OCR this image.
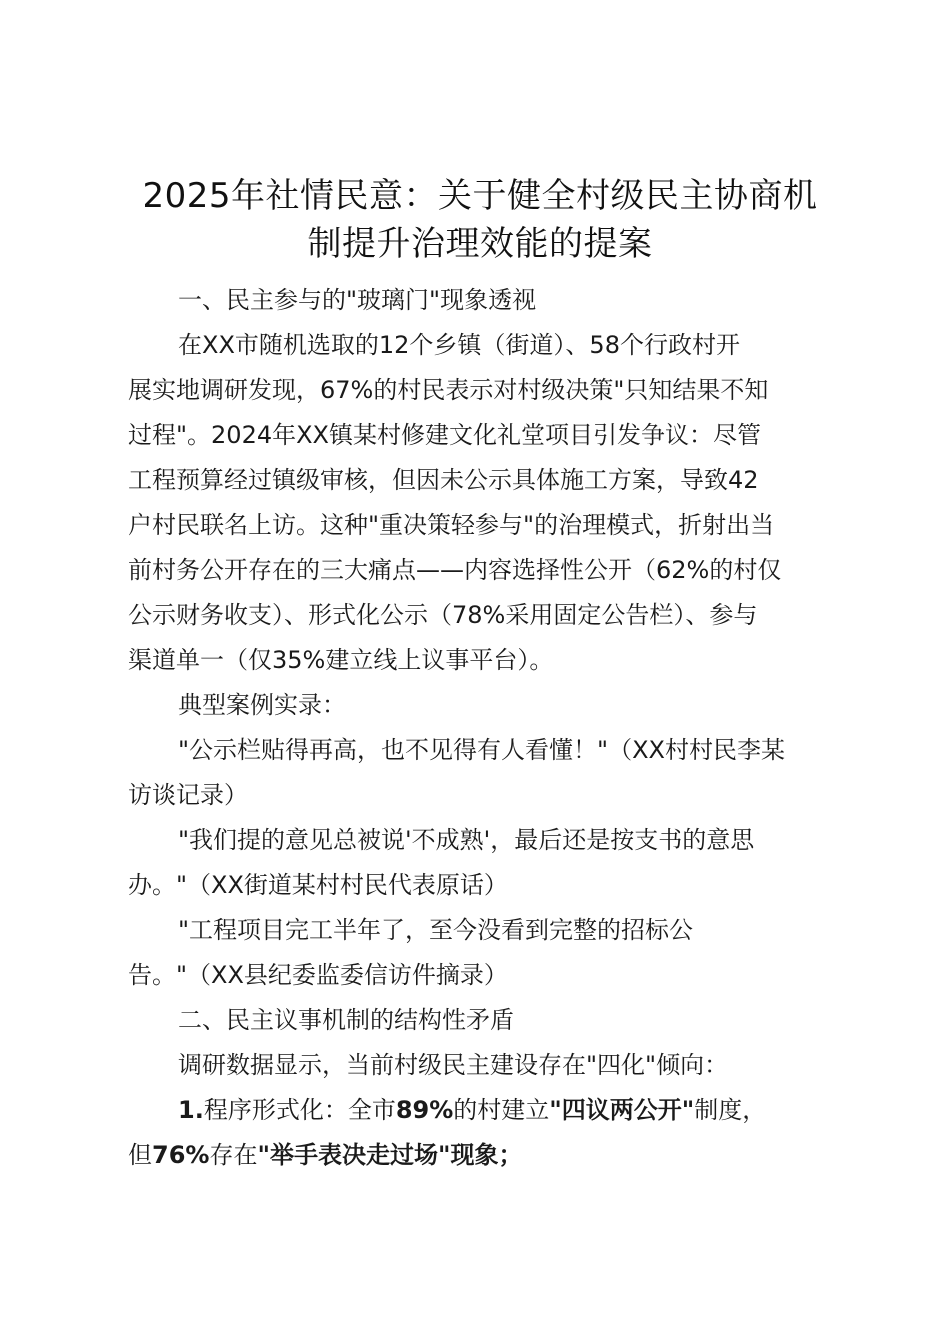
2025年社情民意：关于健全村级民主协商机
制提升治理效能的提案
一、民主参与的"玻璃门"现象透视
在XX市随机选取的12个乡镇（街道）、58个行政村开
展实地调研发现，67%的村民表示对村级决策"只知结果不知
过程"。2024年XX镇某村修建文化礼堂项目引发争议：尽管
工程预算经过镇级审核，但因未公示具体施工方案，导致42
户村民联名上访。这种"重决策轻参与"的治理模式，折射出当
前村务公开存在的三大痛点——内容选择性公开（62%的村仅
公示财务收支）、形式化公示（78%采用固定公告栏）、参与
渠道单一（仅35%建立线上议事平台）。
典型案例实录：
"公示栏贴得再高，也不见得有人看懂！"（XX村村民李某
访谈记录）
"我们提的意见总被说'不成熟'，最后还是按支书的意思
办。"（XX街道某村村民代表原话）
"工程项目完工半年了，至今没看到完整的招标公
告。"（XX县纪委监委信访件摘录）
二、民主议事机制的结构性矛盾
调研数据显示，当前村级民主建设存在"四化"倾向：
1.程序形式化：全市89%的村建立"四议两公开"制度，
但76%存在"举手表决走过场"现象；
